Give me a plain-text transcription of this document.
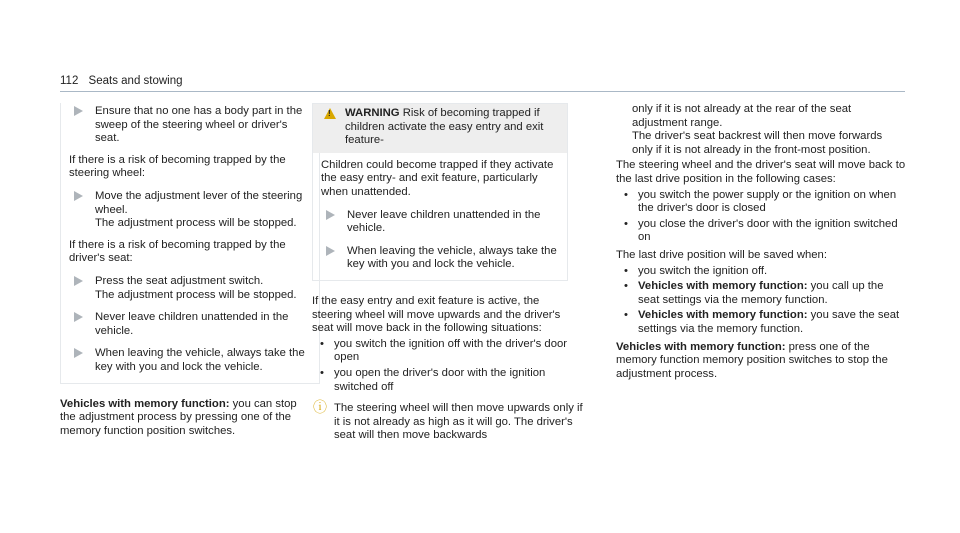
112 Seats and stowing

Ensure that no one has a body part in the sweep of the steering wheel or driver's seat.

If there is a risk of becoming trapped by the steering wheel:

Move the adjustment lever of the steering wheel.
The adjustment process will be stopped.

If there is a risk of becoming trapped by the driver's seat:

Press the seat adjustment switch.
The adjustment process will be stopped.

Never leave children unattended in the vehicle.

When leaving the vehicle, always take the key with you and lock the vehicle.

Vehicles with memory function: you can stop the adjustment process by pressing one of the memory function position switches.

!
WARNING Risk of becoming trapped if children activate the easy entry and exit feature-

Children could become trapped if they activate the easy entry- and exit feature, particularly when unattended.

Never leave children unattended in the vehicle.

When leaving the vehicle, always take the key with you and lock the vehicle.

If the easy entry and exit feature is active, the steering wheel will move upwards and the driver's seat will move back in the following situations:

• you switch the ignition off with the driver's door open
• you open the driver's door with the ignition switched off
ⓘ The steering wheel will then move upwards only if it is not already as high as it will go. The driver's seat will then move backwards

only if it is not already at the rear of the seat adjustment range.
The driver's seat backrest will then move forwards only if it is not already in the front-most position.

The steering wheel and the driver's seat will move back to the last drive position in the following cases:

• you switch the power supply or the ignition on when the driver's door is closed
• you close the driver's door with the ignition switched on

The last drive position will be saved when:

• you switch the ignition off.
• Vehicles with memory function: you call up the seat settings via the memory function.
• Vehicles with memory function: you save the seat settings via the memory function.

Vehicles with memory function: press one of the memory function memory position switches to stop the adjustment process.
